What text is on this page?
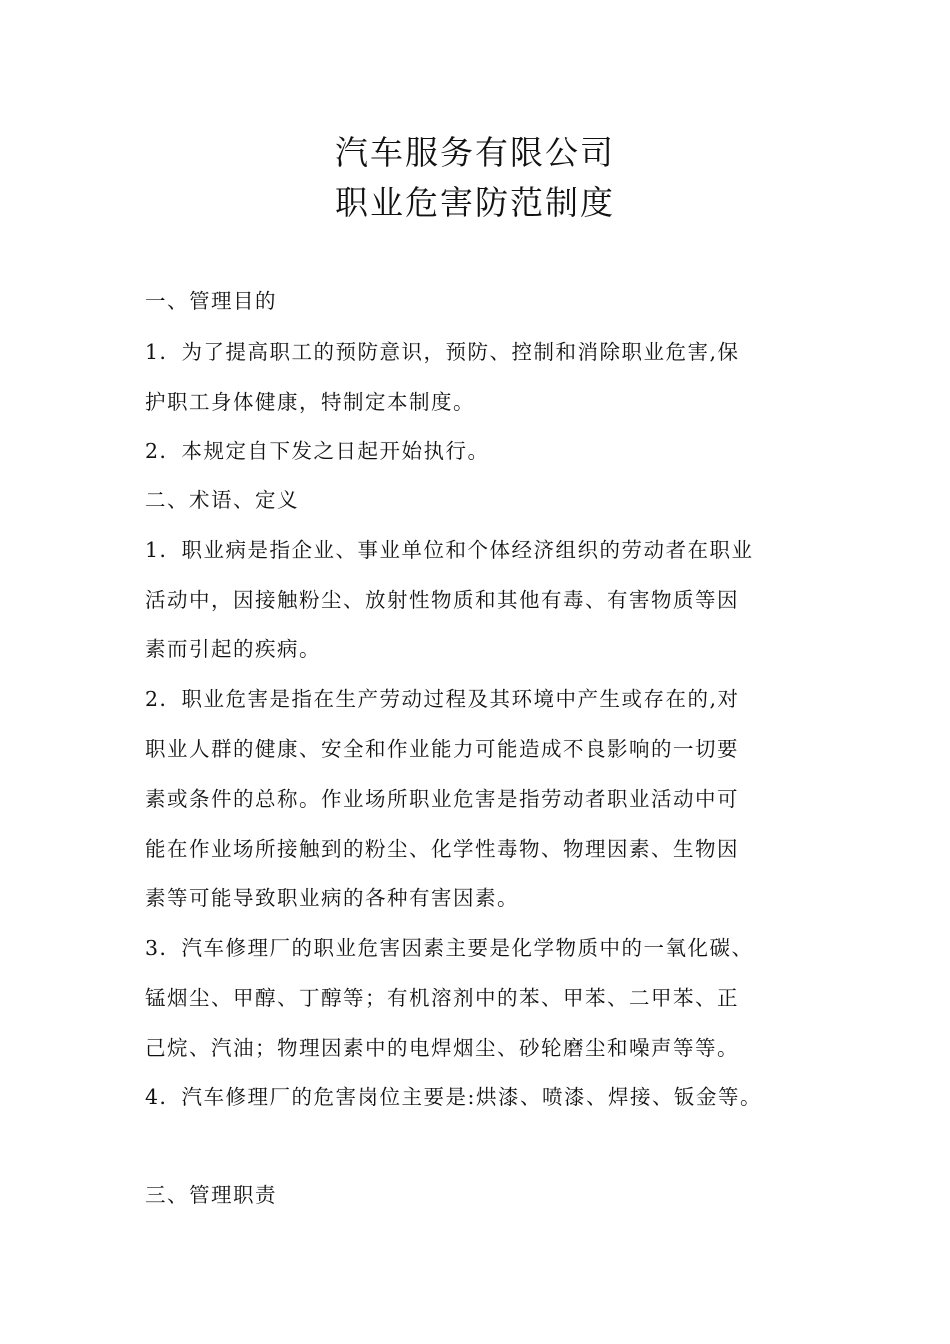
汽车服务有限公司
职业危害防范制度
一、管理目的
1．为了提高职工的预防意识，预防、控制和消除职业危害,保
护职工身体健康，特制定本制度。
2．本规定自下发之日起开始执行。
二、术语、定义
1．职业病是指企业、事业单位和个体经济组织的劳动者在职业
活动中，因接触粉尘、放射性物质和其他有毒、有害物质等因
素而引起的疾病。
2．职业危害是指在生产劳动过程及其环境中产生或存在的,对
职业人群的健康、安全和作业能力可能造成不良影响的一切要
素或条件的总称。作业场所职业危害是指劳动者职业活动中可
能在作业场所接触到的粉尘、化学性毒物、物理因素、生物因
素等可能导致职业病的各种有害因素。
3．汽车修理厂的职业危害因素主要是化学物质中的一氧化碳、
锰烟尘、甲醇、丁醇等；有机溶剂中的苯、甲苯、二甲苯、正
己烷、汽油；物理因素中的电焊烟尘、砂轮磨尘和噪声等等。
4．汽车修理厂的危害岗位主要是:烘漆、喷漆、焊接、钣金等。
三、管理职责
